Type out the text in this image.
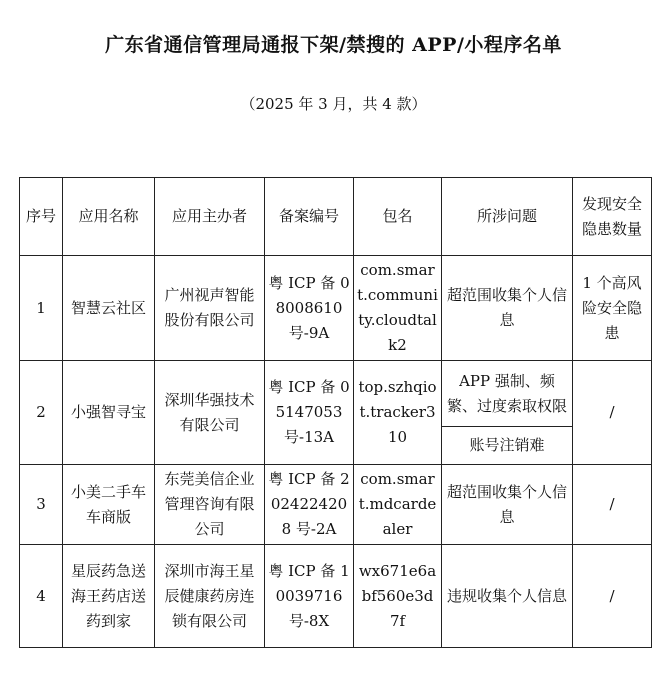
广东省通信管理局通报下架/禁搜的 APP/小程序名单
（2025 年 3 月，共 4 款）
序号	应用名称	应用主办者	备案编号	包名	所涉问题	发现安全隐患数量
1	智慧云社区	广州视声智能股份有限公司	粤 ICP 备 08008610 号-9A	com.smart.community.cloudtalk2	超范围收集个人信息	1 个高风险安全隐患
2	小强智寻宝	深圳华强技术有限公司	粤 ICP 备 05147053 号-13A	top.szhqiot.tracker310	APP 强制、频繁、过度索取权限	/
					账号注销难	
3	小美二手车车商版	东莞美信企业管理咨询有限公司	粤 ICP 备 2024224208 号-2A	com.smart.mdcardealer	超范围收集个人信息	/
4	星辰药急送 海王药店送药到家	深圳市海王星辰健康药房连锁有限公司	粤 ICP 备 10039716 号-8X	wx671e6abf560e3d7f	违规收集个人信息	/
